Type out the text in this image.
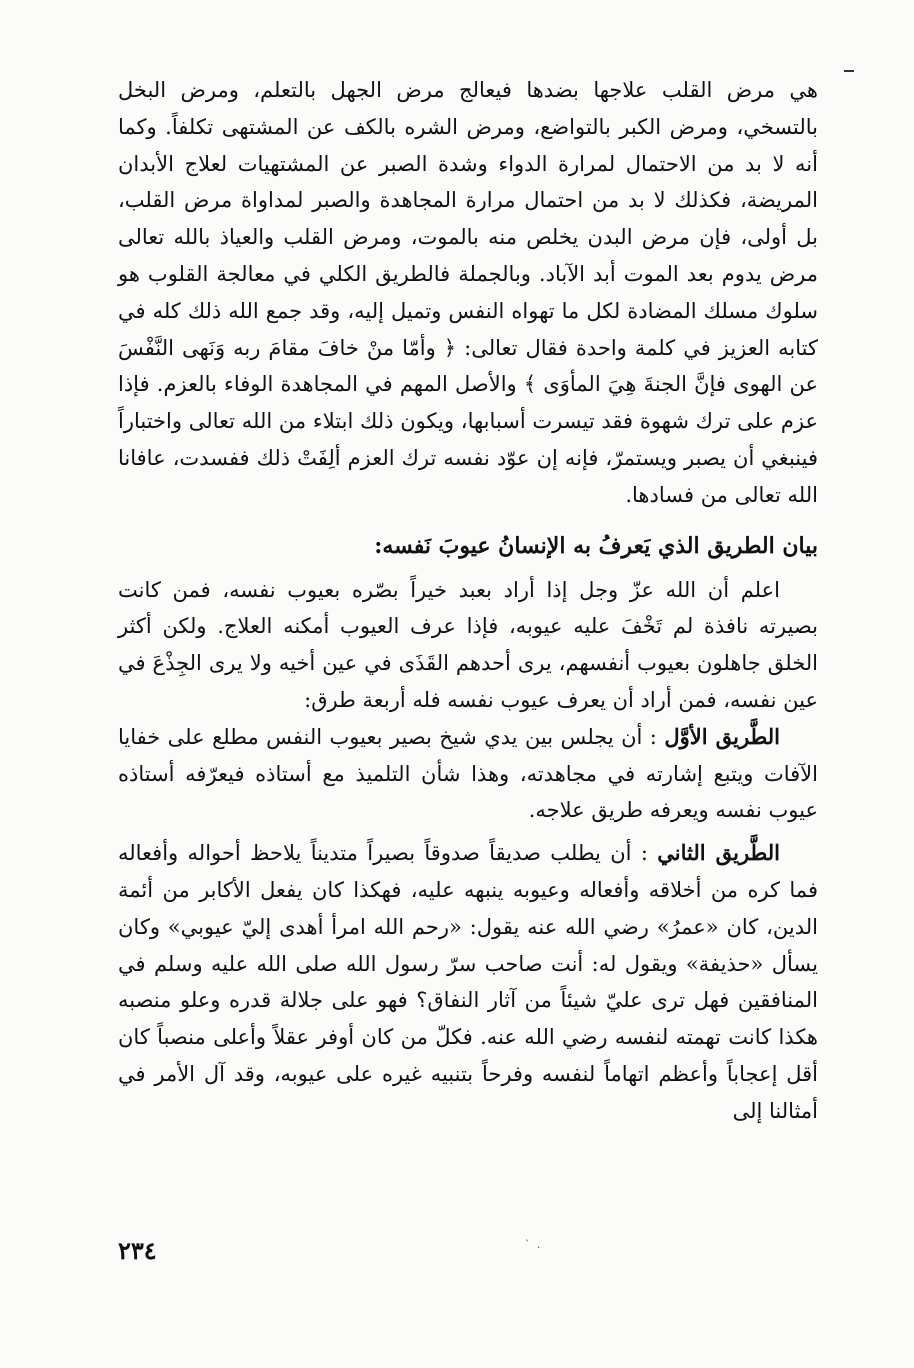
هي مرض القلب علاجها بضدها فيعالج مرض الجهل بالتعلم، ومرض البخل بالتسخي، ومرض الكبر بالتواضع، ومرض الشره بالكف عن المشتهى تكلفاً. وكما أنه لا بد من الاحتمال لمرارة الدواء وشدة الصبر عن المشتهيات لعلاج الأبدان المريضة، فكذلك لا بد من احتمال مرارة المجاهدة والصبر لمداواة مرض القلب، بل أولى، فإن مرض البدن يخلص منه بالموت، ومرض القلب والعياذ بالله تعالى مرض يدوم بعد الموت أبد الآباد. وبالجملة فالطريق الكلي في معالجة القلوب هو سلوك مسلك المضادة لكل ما تهواه النفس وتميل إليه، وقد جمع الله ذلك كله في كتابه العزيز في كلمة واحدة فقال تعالى: ﴿ وأمّا منْ خافَ مقامَ ربه وَنَهى النَّفْسَ عن الهوى فإنَّ الجنةَ هِيَ المأوَى ﴾ والأصل المهم في المجاهدة الوفاء بالعزم. فإذا عزم على ترك شهوة فقد تيسرت أسبابها، ويكون ذلك ابتلاء من الله تعالى واختباراً فينبغي أن يصبر ويستمرّ، فإنه إن عوّد نفسه ترك العزم ألِفَتْ ذلك ففسدت، عافانا الله تعالى من فسادها.

بيان الطريق الذي يَعرفُ به الإنسانُ عيوبَ نَفسه:

اعلم أن الله عزّ وجل إذا أراد بعبد خيراً بصّره بعيوب نفسه، فمن كانت بصيرته نافذة لم تَخْفَ عليه عيوبه، فإذا عرف العيوب أمكنه العلاج. ولكن أكثر الخلق جاهلون بعيوب أنفسهم، يرى أحدهم القَذَى في عين أخيه ولا يرى الجِذْعَ في عين نفسه، فمن أراد أن يعرف عيوب نفسه فله أربعة طرق:

الطَّريق الأوَّل : أن يجلس بين يدي شيخ بصير بعيوب النفس مطلع على خفايا الآفات ويتبع إشارته في مجاهدته، وهذا شأن التلميذ مع أستاذه فيعرّفه أستاذه عيوب نفسه ويعرفه طريق علاجه.

الطَّريق الثاني : أن يطلب صديقاً صدوقاً بصيراً متديناً يلاحظ أحواله وأفعاله فما كره من أخلاقه وأفعاله وعيوبه ينبهه عليه، فهكذا كان يفعل الأكابر من أئمة الدين، كان «عمرُ» رضي الله عنه يقول: «رحم الله امرأ أهدى إليّ عيوبي» وكان يسأل «حذيفة» ويقول له: أنت صاحب سرّ رسول الله صلى الله عليه وسلم في المنافقين فهل ترى عليّ شيئاً من آثار النفاق؟ فهو على جلالة قدره وعلو منصبه هكذا كانت تهمته لنفسه رضي الله عنه. فكلّ من كان أوفر عقلاً وأعلى منصباً كان أقل إعجاباً وأعظم اتهاماً لنفسه وفرحاً بتنبيه غيره على عيوبه، وقد آل الأمر في أمثالنا إلى

` .
٢٣٤
